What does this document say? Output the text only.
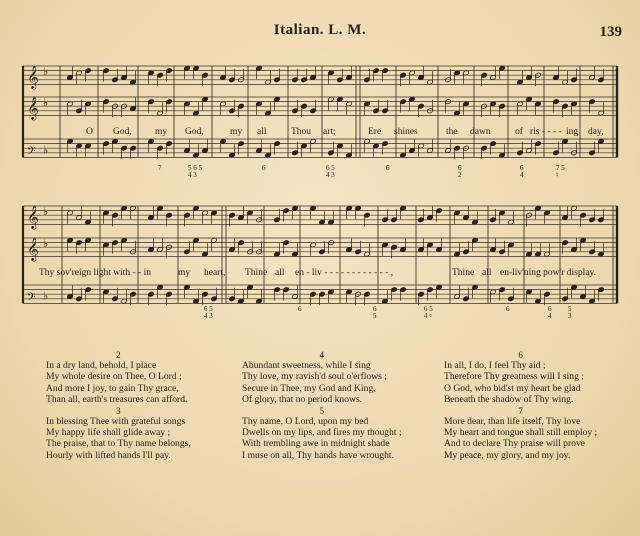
Italian. L. M.	139
𝄞 ♭
𝄞 ♭
𝄢 ♭
𝄞 ♭
𝄞 ♭
𝄢 ♭
O God, my God,	my all	Thou art;	Ere shines	the dawn	of ris - - - - ing day,
7	5 6 5
4 3
6	6 5
4 3
6	6
2
6
4
7 5
♮
Thy sov'reign light with - - in	my heart, Thine all en - liv - - - - - - - - - - - - ,	Thine all en-liv'ning pow'r display.
6 5
4 3
6	6
5
6 5
4 ♮
6	6
4
5
3
2
In a dry land, behold, I place
My whole desire on Thee, O Lord ;
And more I joy, to gain Thy grace,
Than all, earth's treasures can afford.
3
In blessing Thee with grateful songs
My happy life shall glide away ;
The praise, that to Thy name belongs,
Hourly with lifted hands I'll pay.
4
Abundant sweetness, while I sing
Thy love, my ravish'd soul o'erflows ;
Secure in Thee, my God and King,
Of glory, that no period knows.
5
Thy name, O Lord, upon my bed
Dwells on my lips, and fires my thought ;
With trembling awe in midnight shade
I muse on all, Thy hands have wrought.
6
In all, I do, I feel Thy aid ;
Therefore Thy greatness will I sing ;
O God, who bid'st my heart be glad
Beneath the shadow of Thy wing.
7
More dear, than life itself, Thy love
My heart and tongue shall still employ ;
And to declare Thy praise will prove
My peace, my glory, and my joy.
